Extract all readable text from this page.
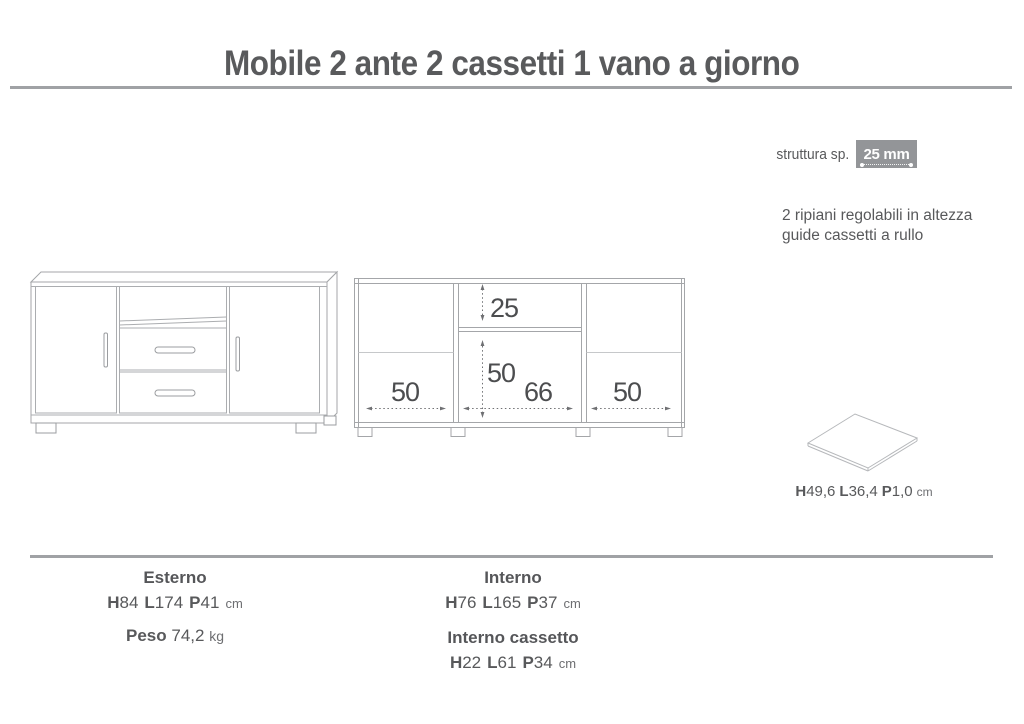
Mobile 2 ante 2 cassetti 1 vano a giorno
struttura sp. 25 mm
2 ripiani regolabili in altezza
guide cassetti a rullo
25
50
66
50	50
H49,6 L36,4 P1,0 cm
Esterno
H84 L174 P41 cm
Peso 74,2 kg
Interno
H76 L165 P37 cm
Interno cassetto
H22 L61 P34 cm
